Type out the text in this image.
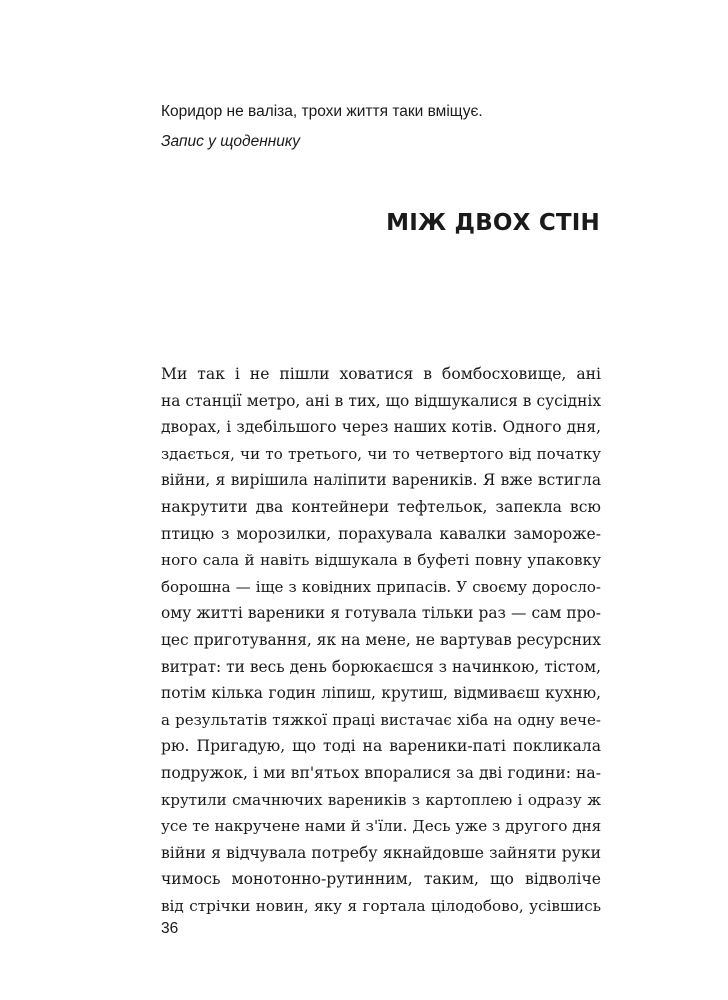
Коридор не валіза, трохи життя таки вміщує.

Запис у щоденнику

МІЖ ДВОХ СТІН
Ми так і не пішли ховатися в бомбосховище, ані
на станції метро, ані в тих, що відшукалися в сусідніх
дворах, і здебільшого через наших котів. Одного дня,
здається, чи то третього, чи то четвертого від початку
війни, я вирішила наліпити вареників. Я вже встигла
накрутити два контейнери тефтельок, запекла всю
птицю з морозилки, порахувала кавалки замороже-
ного сала й навіть відшукала в буфеті повну упаковку
борошна — іще з ковідних припасів. У своєму доросло-
ому житті вареники я готувала тільки раз — сам про-
цес приготування, як на мене, не вартував ресурсних
витрат: ти весь день борюкаєшся з начинкою, тістом,
потім кілька годин ліпиш, крутиш, відмиваєш кухню,
а результатів тяжкої праці вистачає хіба на одну вече-
рю. Пригадую, що тоді на вареники-паті покликала
подружок, і ми вп'ятьох впоралися за дві години: на-
крутили смачнючих вареників з картоплею і одразу ж
усе те накручене нами й з'їли. Десь уже з другого дня
війни я відчувала потребу якнайдовше зайняти руки
чимось монотонно-рутинним, таким, що відволіче
від стрічки новин, яку я гортала цілодобово, усівшись
36
